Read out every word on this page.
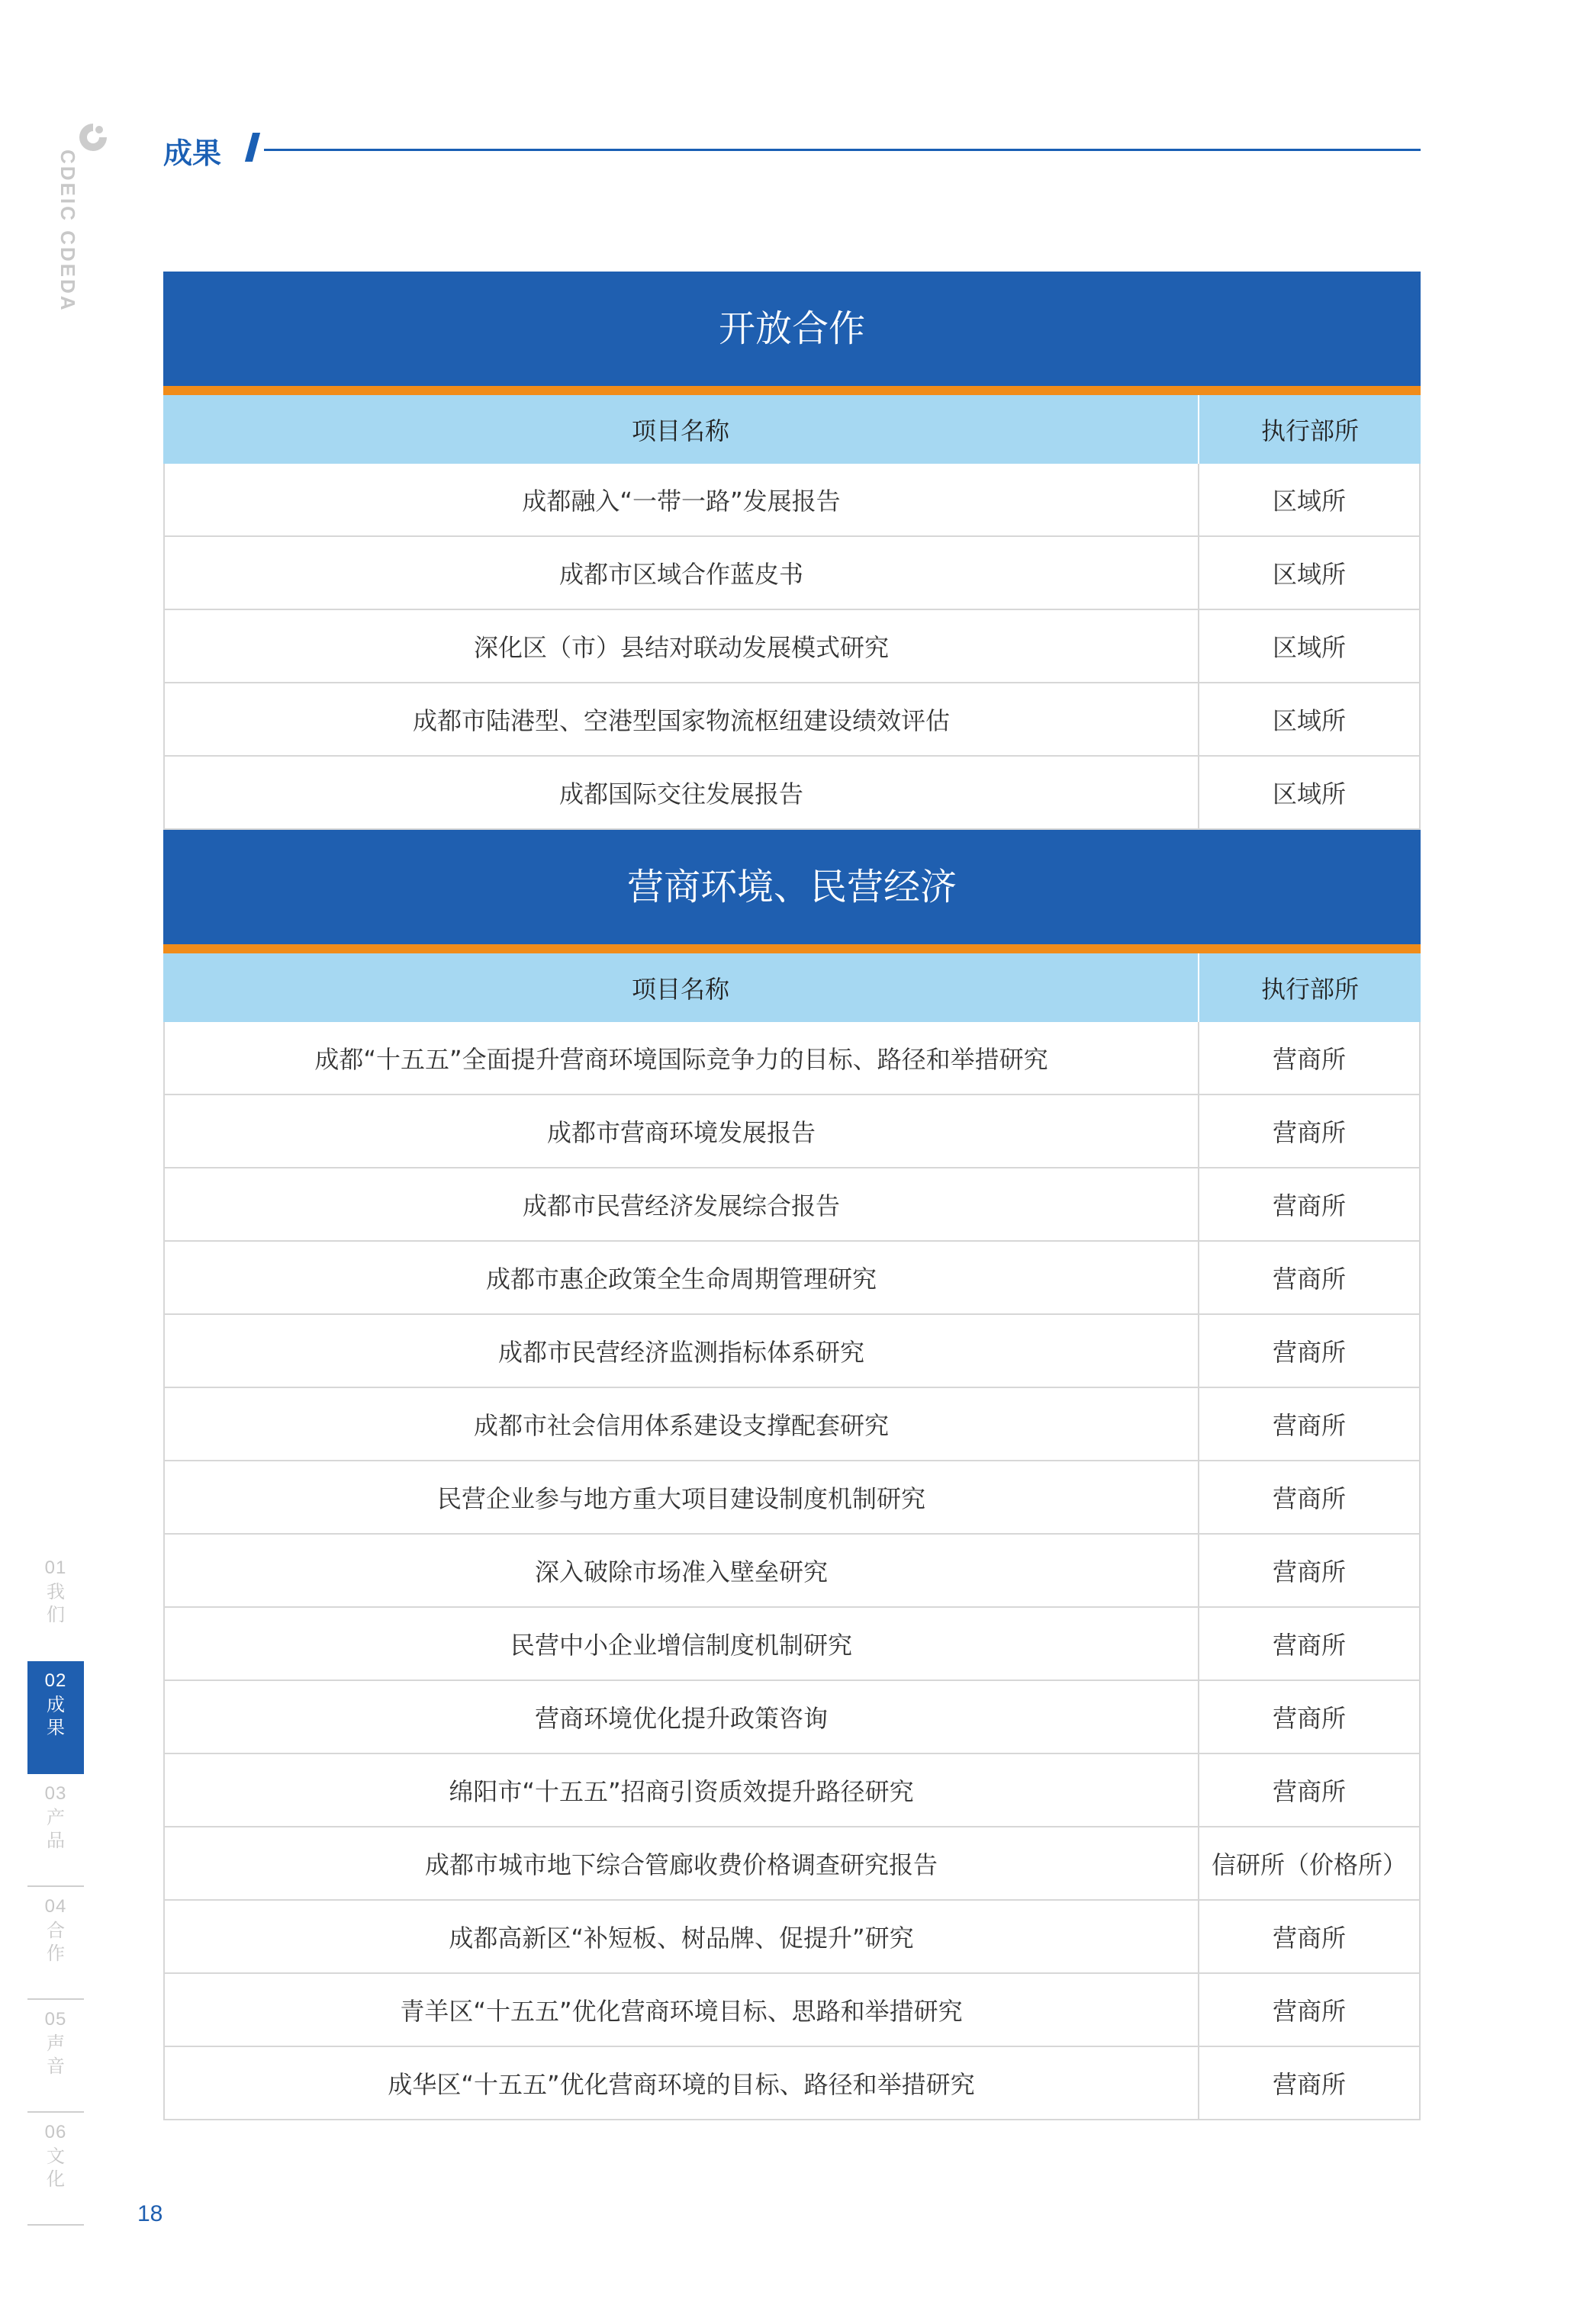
CDEIC CDEDA	成果
开放合作
项目名称	执行部所
成都融入“一带一路”发展报告	区域所
成都市区域合作蓝皮书	区域所
深化区（市）县结对联动发展模式研究	区域所
成都市陆港型、空港型国家物流枢纽建设绩效评估	区域所
成都国际交往发展报告	区域所
营商环境、民营经济
项目名称	执行部所
成都“十五五”全面提升营商环境国际竞争力的目标、路径和举措研究	营商所
成都市营商环境发展报告	营商所
成都市民营经济发展综合报告	营商所
成都市惠企政策全生命周期管理研究	营商所
成都市民营经济监测指标体系研究	营商所
成都市社会信用体系建设支撑配套研究	营商所
民营企业参与地方重大项目建设制度机制研究	营商所
深入破除市场准入壁垒研究	营商所
民营中小企业增信制度机制研究	营商所
营商环境优化提升政策咨询	营商所
绵阳市“十五五”招商引资质效提升路径研究	营商所
成都市城市地下综合管廊收费价格调查研究报告	信研所（价格所）
成都高新区“补短板、树品牌、促提升”研究	营商所
青羊区“十五五”优化营商环境目标、思路和举措研究	营商所
成华区“十五五”优化营商环境的目标、路径和举措研究	营商所
01
我
们
02
成
果
03
产
品
04
合
作
05
声
音
06
文
化
18
